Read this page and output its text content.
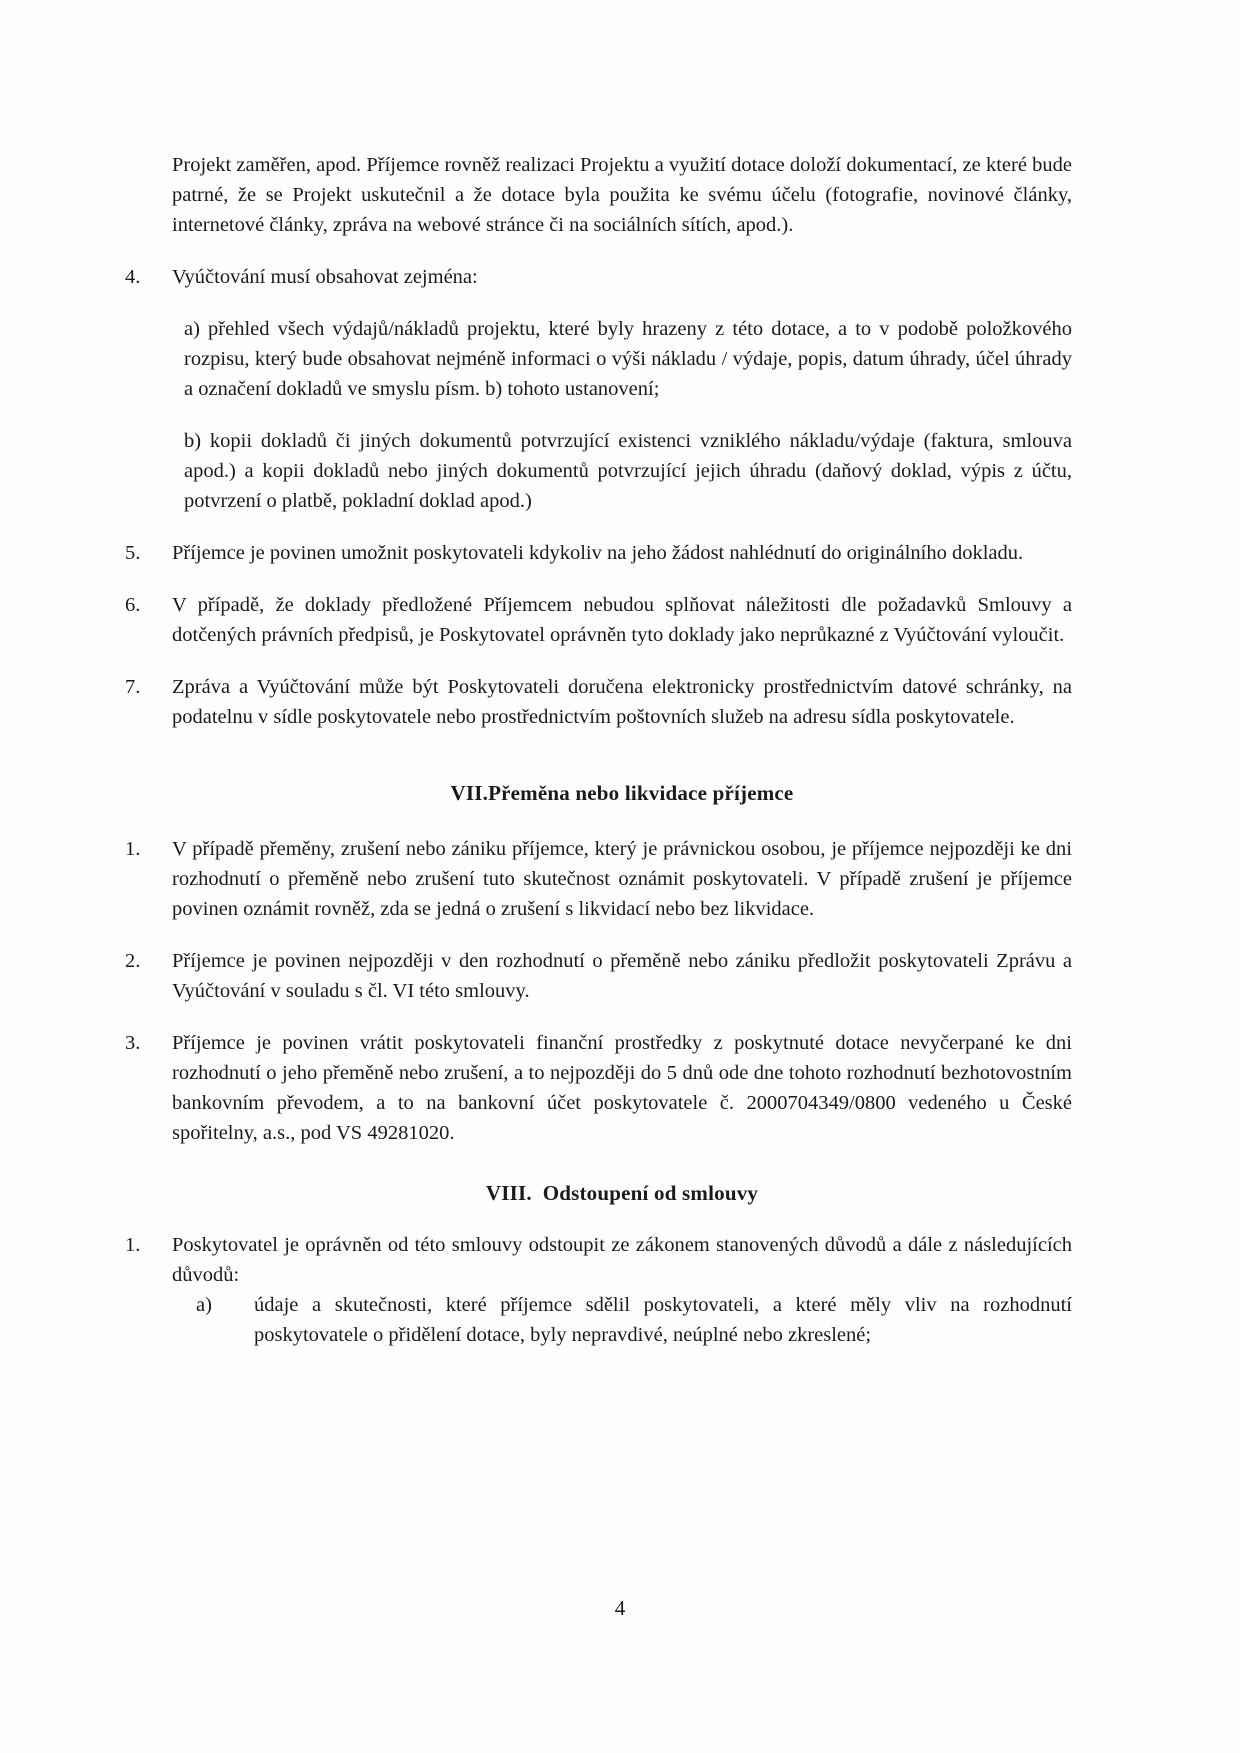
Projekt zaměřen, apod. Příjemce rovněž realizaci Projektu a využití dotace doloží dokumentací, ze které bude patrné, že se Projekt uskutečnil a že dotace byla použita ke svému účelu (fotografie, novinové články, internetové články, zpráva na webové stránce či na sociálních sítích, apod.).

4. Vyúčtování musí obsahovat zejména:

a) přehled všech výdajů/nákladů projektu, které byly hrazeny z této dotace, a to v podobě položkového rozpisu, který bude obsahovat nejméně informaci o výši nákladu / výdaje, popis, datum úhrady, účel úhrady a označení dokladů ve smyslu písm. b) tohoto ustanovení;

b) kopii dokladů či jiných dokumentů potvrzující existenci vzniklého nákladu/výdaje (faktura, smlouva apod.) a kopii dokladů nebo jiných dokumentů potvrzující jejich úhradu (daňový doklad, výpis z účtu, potvrzení o platbě, pokladní doklad apod.)

5. Příjemce je povinen umožnit poskytovateli kdykoliv na jeho žádost nahlédnutí do originálního dokladu.

6. V případě, že doklady předložené Příjemcem nebudou splňovat náležitosti dle požadavků Smlouvy a dotčených právních předpisů, je Poskytovatel oprávněn tyto doklady jako neprůkazné z Vyúčtování vyloučit.

7. Zpráva a Vyúčtování může být Poskytovateli doručena elektronicky prostřednictvím datové schránky, na podatelnu v sídle poskytovatele nebo prostřednictvím poštovních služeb na adresu sídla poskytovatele.

VII.Přeměna nebo likvidace příjemce

1. V případě přeměny, zrušení nebo zániku příjemce, který je právnickou osobou, je příjemce nejpozději ke dni rozhodnutí o přeměně nebo zrušení tuto skutečnost oznámit poskytovateli. V případě zrušení je příjemce povinen oznámit rovněž, zda se jedná o zrušení s likvidací nebo bez likvidace.

2. Příjemce je povinen nejpozději v den rozhodnutí o přeměně nebo zániku předložit poskytovateli Zprávu a Vyúčtování v souladu s čl. VI této smlouvy.

3. Příjemce je povinen vrátit poskytovateli finanční prostředky z poskytnuté dotace nevyčerpané ke dni rozhodnutí o jeho přeměně nebo zrušení, a to nejpozději do 5 dnů ode dne tohoto rozhodnutí bezhotovostním bankovním převodem, a to na bankovní účet poskytovatele č. 2000704349/0800 vedeného u České spořitelny, a.s., pod VS 49281020.

VIII.  Odstoupení od smlouvy

1. Poskytovatel je oprávněn od této smlouvy odstoupit ze zákonem stanovených důvodů a dále z následujících důvodů:

a)	údaje a skutečnosti, které příjemce sdělil poskytovateli, a které měly vliv na rozhodnutí poskytovatele o přidělení dotace, byly nepravdivé, neúplné nebo zkreslené;

4
